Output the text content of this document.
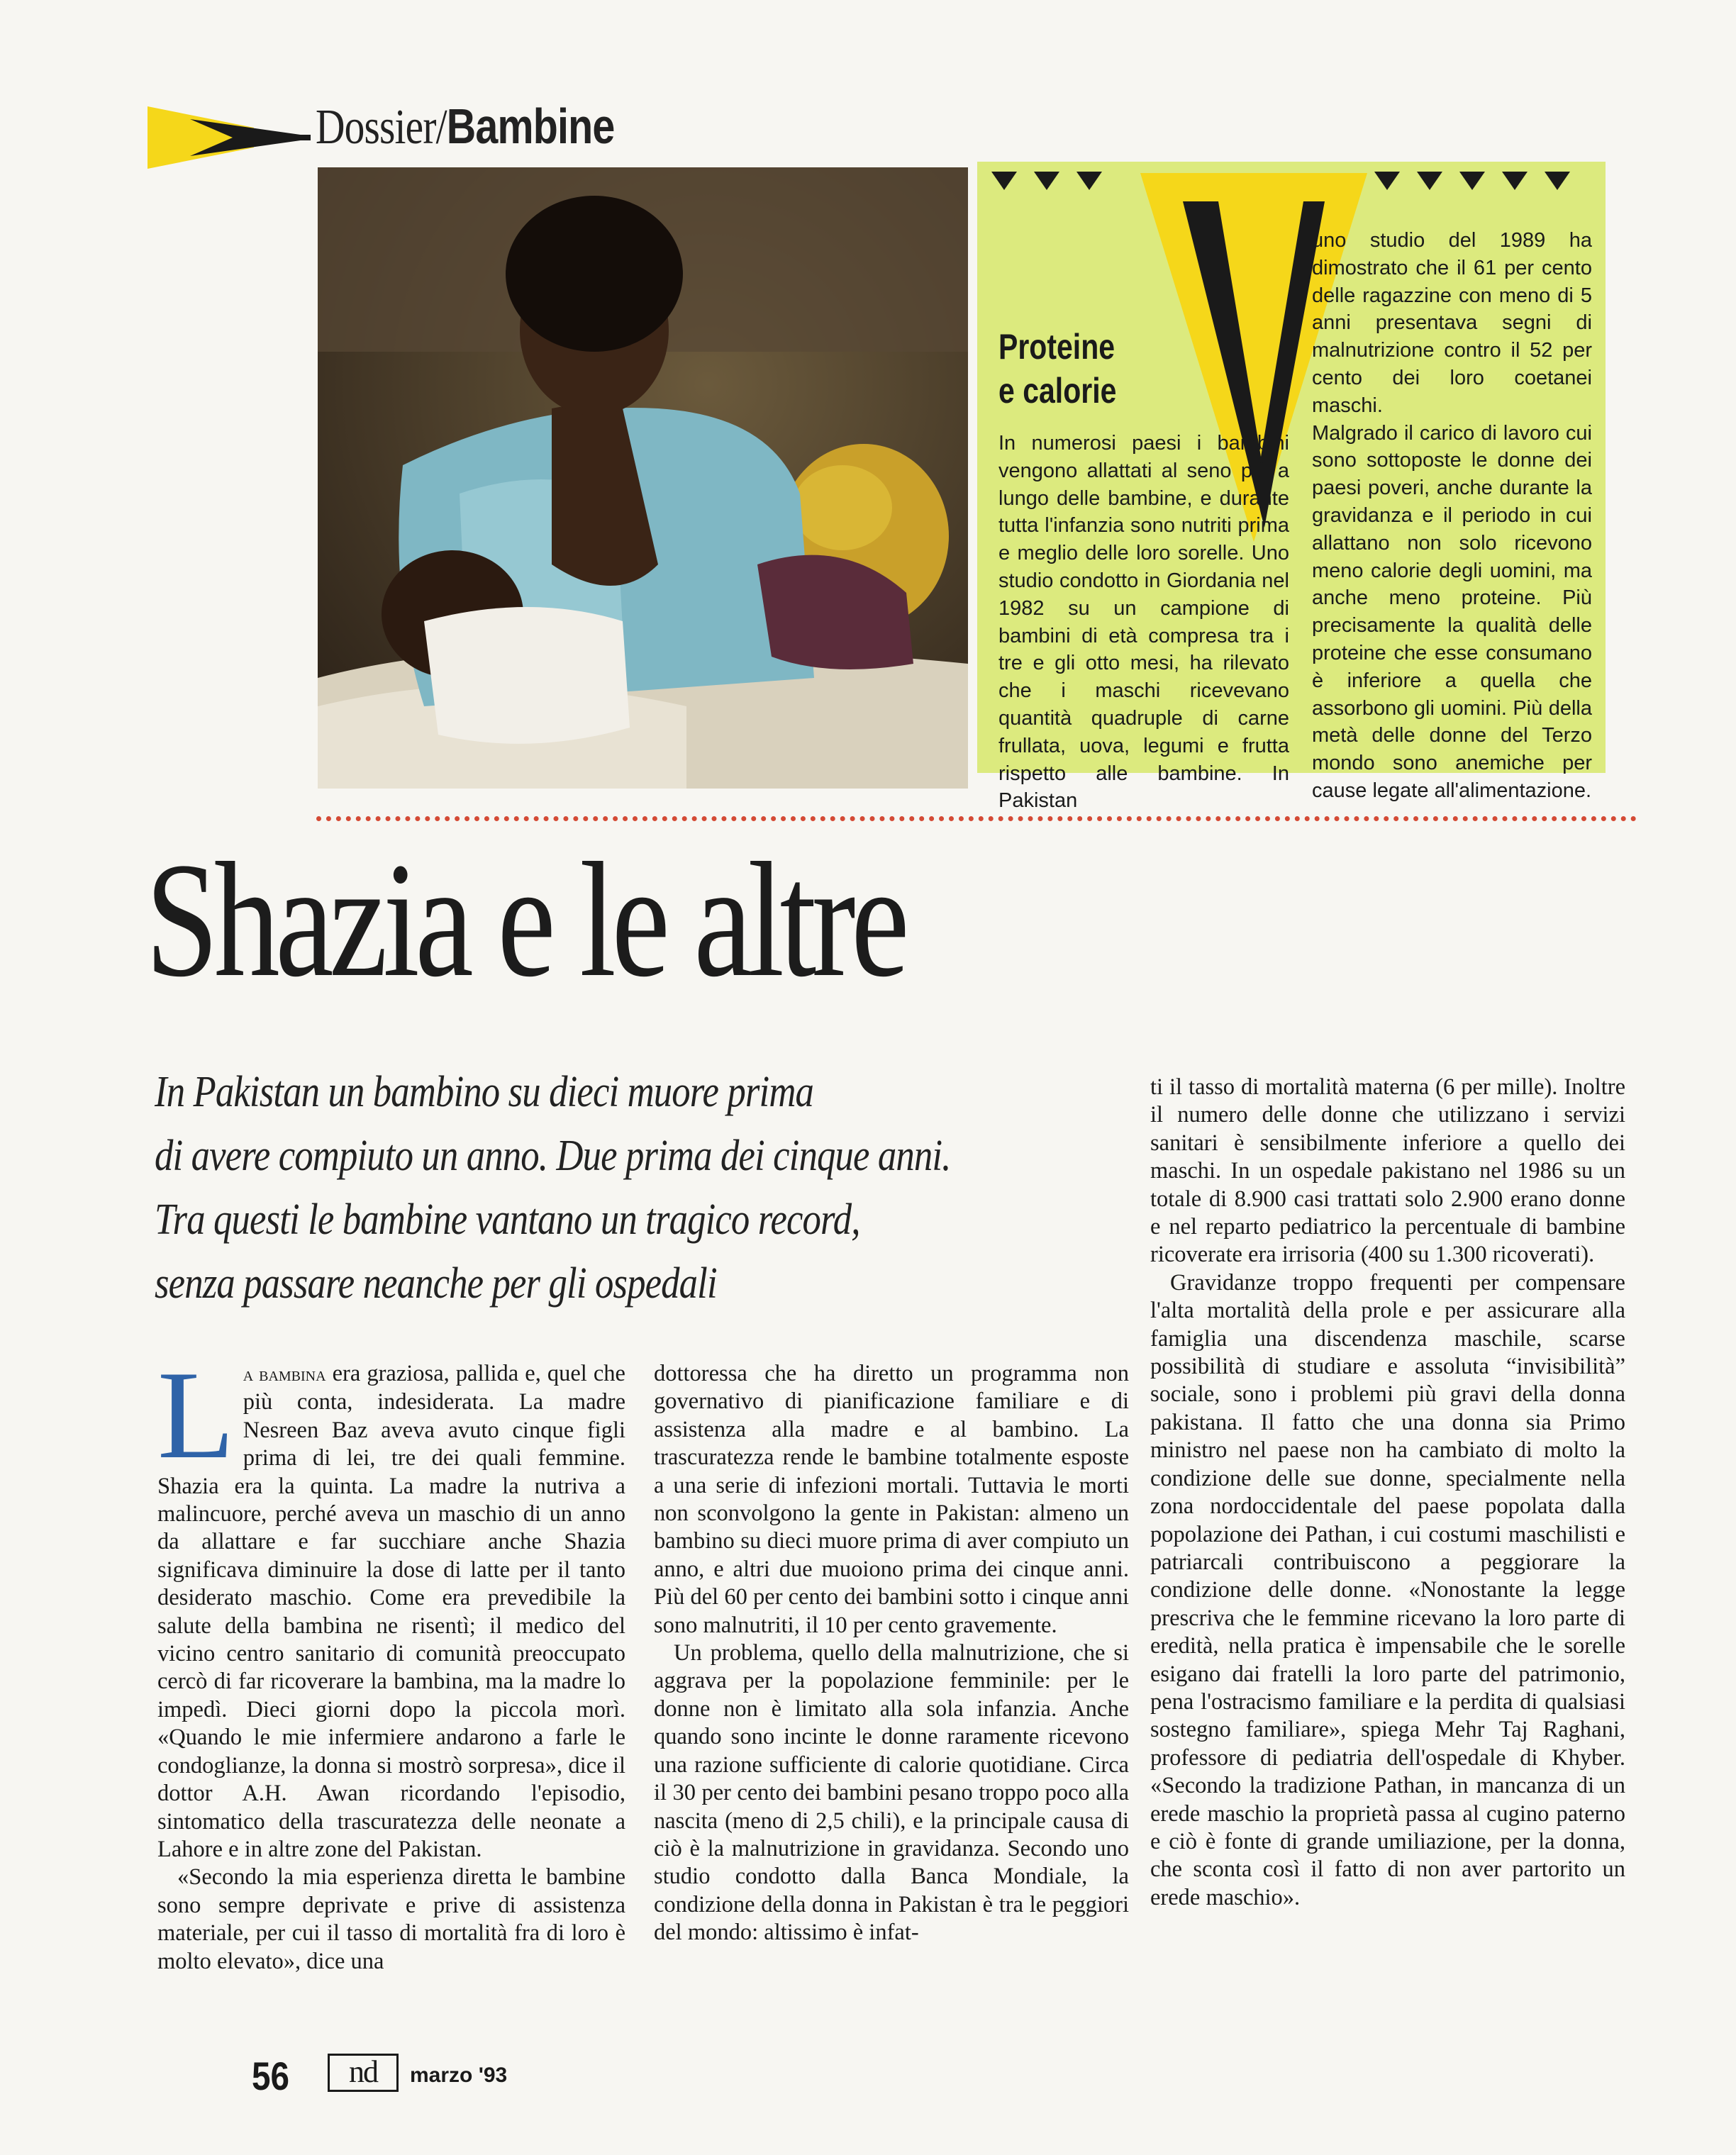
Dossier/Bambine
Proteine
e calorie
In numerosi paesi i bambini vengono allattati al seno più a lungo delle bambine, e durante tutta l'infanzia sono nutriti prima e meglio delle loro sorelle. Uno studio condotto in Giordania nel 1982 su un campione di bambini di età compresa tra i tre e gli otto mesi, ha rilevato che i maschi ricevevano quantità quadruple di carne frullata, uova, legumi e frutta rispetto alle bambine. In Pakistan
uno studio del 1989 ha dimostrato che il 61 per cento delle ragazzine con meno di 5 anni presentava segni di malnutrizione contro il 52 per cento dei loro coetanei maschi.
Malgrado il carico di lavoro cui sono sottoposte le donne dei paesi poveri, anche durante la gravidanza e il periodo in cui allattano non solo ricevono meno calorie degli uomini, ma anche meno proteine. Più precisamente la qualità delle proteine che esse consumano è inferiore a quella che assorbono gli uomini. Più della metà delle donne del Terzo mondo sono anemiche per cause legate all'alimentazione.
Shazia e le altre
In Pakistan un bambino su dieci muore prima
di avere compiuto un anno. Due prima dei cinque anni.
Tra questi le bambine vantano un tragico record,
senza passare neanche per gli ospedali

La bambina era graziosa, pallida e, quel che più conta, indesiderata. La madre Nesreen Baz aveva avuto cinque figli prima di lei, tre dei quali femmine. Shazia era la quinta. La madre la nutriva a malincuore, perché aveva un maschio di un anno da allattare e far succhiare anche Shazia significava diminuire la dose di latte per il tanto desiderato maschio. Come era prevedibile la salute della bambina ne risentì; il medico del vicino centro sanitario di comunità preoccupato cercò di far ricoverare la bambina, ma la madre lo impedì. Dieci giorni dopo la piccola morì. «Quando le mie infermiere andarono a farle le condoglianze, la donna si mostrò sorpresa», dice il dottor A.H. Awan ricordando l'episodio, sintomatico della trascuratezza delle neonate a Lahore e in altre zone del Pakistan.

«Secondo la mia esperienza diretta le bambine sono sempre deprivate e prive di assistenza materiale, per cui il tasso di mortalità fra di loro è molto elevato», dice una

dottoressa che ha diretto un programma non governativo di pianificazione familiare e di assistenza alla madre e al bambino. La trascuratezza rende le bambine totalmente esposte a una serie di infezioni mortali. Tuttavia le morti non sconvolgono la gente in Pakistan: almeno un bambino su dieci muore prima di aver compiuto un anno, e altri due muoiono prima dei cinque anni. Più del 60 per cento dei bambini sotto i cinque anni sono malnutriti, il 10 per cento gravemente.

Un problema, quello della malnutrizione, che si aggrava per la popolazione femminile: per le donne non è limitato alla sola infanzia. Anche quando sono incinte le donne raramente ricevono una razione sufficiente di calorie quotidiane. Circa il 30 per cento dei bambini pesano troppo poco alla nascita (meno di 2,5 chili), e la principale causa di ciò è la malnutrizione in gravidanza. Secondo uno studio condotto dalla Banca Mondiale, la condizione della donna in Pakistan è tra le peggiori del mondo: altissimo è infat-

ti il tasso di mortalità materna (6 per mille). Inoltre il numero delle donne che utilizzano i servizi sanitari è sensibilmente inferiore a quello dei maschi. In un ospedale pakistano nel 1986 su un totale di 8.900 casi trattati solo 2.900 erano donne e nel reparto pediatrico la percentuale di bambine ricoverate era irrisoria (400 su 1.300 ricoverati).

Gravidanze troppo frequenti per compensare l'alta mortalità della prole e per assicurare alla famiglia una discendenza maschile, scarse possibilità di studiare e assoluta “invisibilità” sociale, sono i problemi più gravi della donna pakistana. Il fatto che una donna sia Primo ministro nel paese non ha cambiato di molto la condizione delle sue donne, specialmente nella zona nordoccidentale del paese popolata dalla popolazione dei Pathan, i cui costumi maschilisti e patriarcali contribuiscono a peggiorare la condizione delle donne. «Nonostante la legge prescriva che le femmine ricevano la loro parte di eredità, nella pratica è impensabile che le sorelle esigano dai fratelli la loro parte del patrimonio, pena l'ostracismo familiare e la perdita di qualsiasi sostegno familiare», spiega Mehr Taj Raghani, professore di pediatria dell'ospedale di Khyber. «Secondo la tradizione Pathan, in mancanza di un erede maschio la proprietà passa al cugino paterno e ciò è fonte di grande umiliazione, per la donna, che sconta così il fatto di non aver partorito un erede maschio».

56	nd	marzo '93
